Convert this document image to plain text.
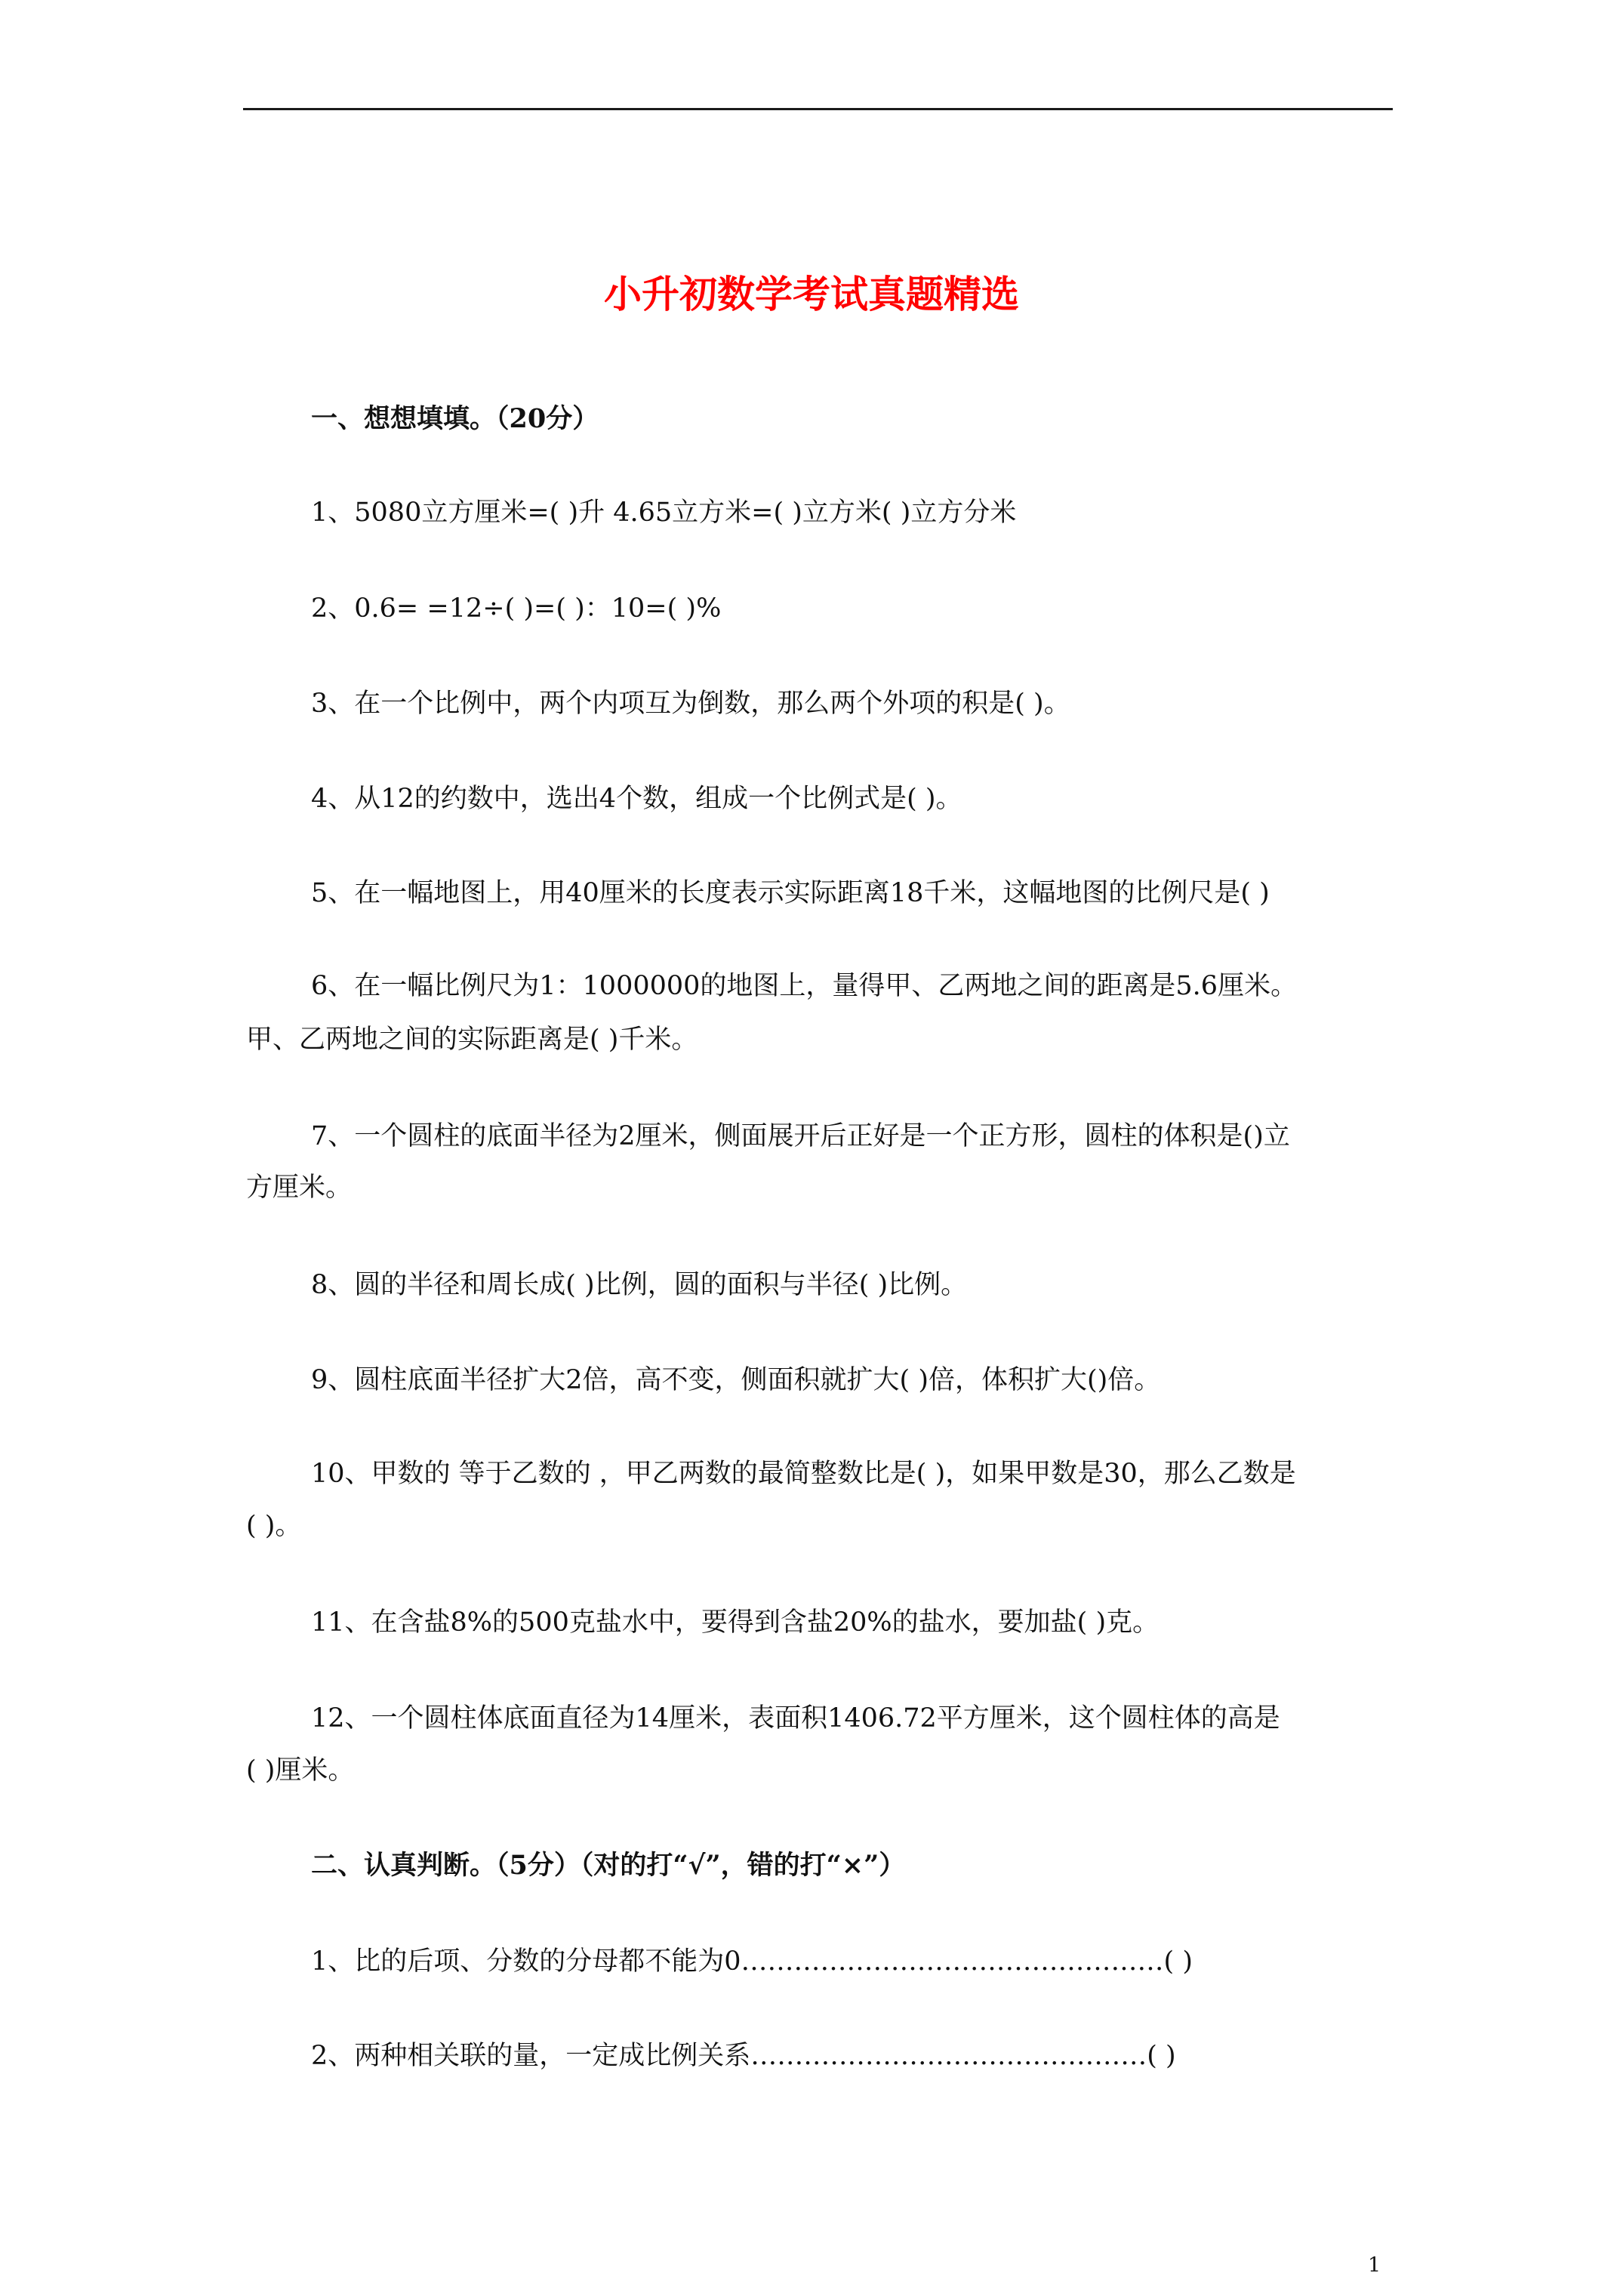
小升初数学考试真题精选

一、想想填填。（20分）

1、5080立方厘米=( )升 4.65立方米=( )立方米( )立方分米

2、0.6= =12÷( )=( )：10=( )%

3、在一个比例中，两个内项互为倒数，那么两个外项的积是( )。

4、从12的约数中，选出4个数，组成一个比例式是( )。

5、在一幅地图上，用40厘米的长度表示实际距离18千米，这幅地图的比例尺是( )

6、在一幅比例尺为1：1000000的地图上，量得甲、乙两地之间的距离是5.6厘米。

甲、乙两地之间的实际距离是( )千米。

7、一个圆柱的底面半径为2厘米，侧面展开后正好是一个正方形，圆柱的体积是()立

方厘米。

8、圆的半径和周长成( )比例，圆的面积与半径( )比例。

9、圆柱底面半径扩大2倍，高不变，侧面积就扩大( )倍，体积扩大()倍。

10、甲数的 等于乙数的 ，甲乙两数的最简整数比是( )，如果甲数是30，那么乙数是

( )。

11、在含盐8%的500克盐水中，要得到含盐20%的盐水，要加盐( )克。

12、一个圆柱体底面直径为14厘米，表面积1406.72平方厘米，这个圆柱体的高是

( )厘米。

二、认真判断。（5分）（对的打“√”，错的打“×”）

1、比的后项、分数的分母都不能为0…………………………………………( )

2、两种相关联的量，一定成比例关系………………………………………( )

1
